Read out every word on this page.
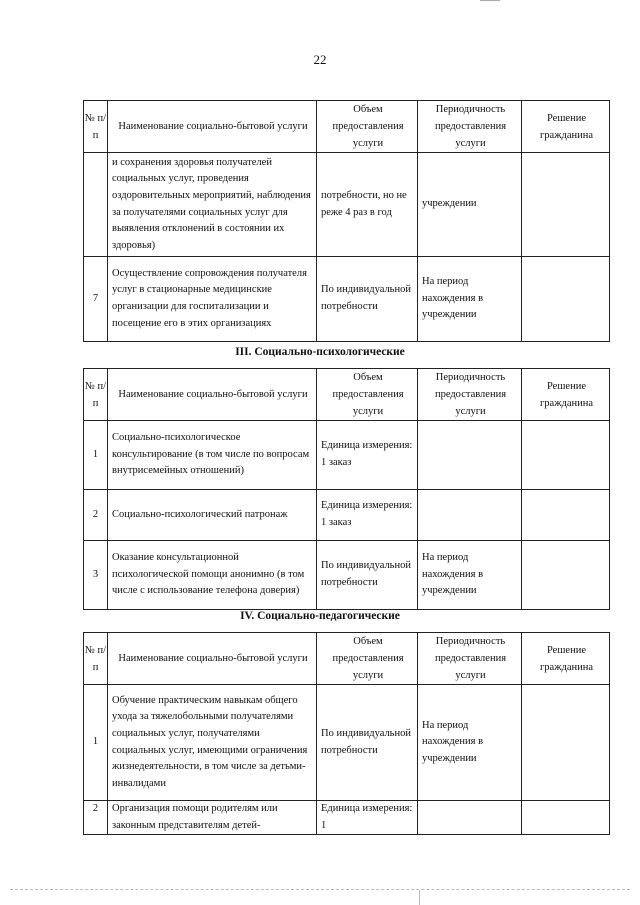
22
№ п/п	Наименование социально-бытовой услуги	Объем предоставления услуги	Периодичность предоставления услуги	Решение гражданина
	и сохранения здоровья получателей социальных услуг, проведения оздоровительных мероприятий, наблюдения за получателями социальных услуг для выявления отклонений в состоянии их здоровья)	потребности, но не реже 4 раз в год	учреждении	
7	Осуществление сопровождения получателя услуг в стационарные медицинские организации для госпитализации и посещение его в этих организациях	По индивидуальной потребности	На период нахождения в учреждении	
III. Социально-психологические
№ п/п	Наименование социально-бытовой услуги	Объем предоставления услуги	Периодичность предоставления услуги	Решение гражданина
1	Социально-психологическое консультирование (в том числе по вопросам внутрисемейных отношений)	Единица измерения: 1 заказ		
2	Социально-психологический патронаж	Единица измерения: 1 заказ		
3	Оказание консультационной психологической помощи анонимно (в том числе с использование телефона доверия)	По индивидуальной потребности	На период нахождения в учреждении	
IV. Социально-педагогические
№ п/п	Наименование социально-бытовой услуги	Объем предоставления услуги	Периодичность предоставления услуги	Решение гражданина
1	Обучение практическим навыкам общего ухода за тяжелобольными получателями социальных услуг, получателями социальных услуг, имеющими ограничения жизнедеятельности, в том числе за детьми-инвалидами	По индивидуальной потребности	На период нахождения в учреждении	
2	Организация помощи родителям или законным представителям детей-	Единица измерения: 1		
